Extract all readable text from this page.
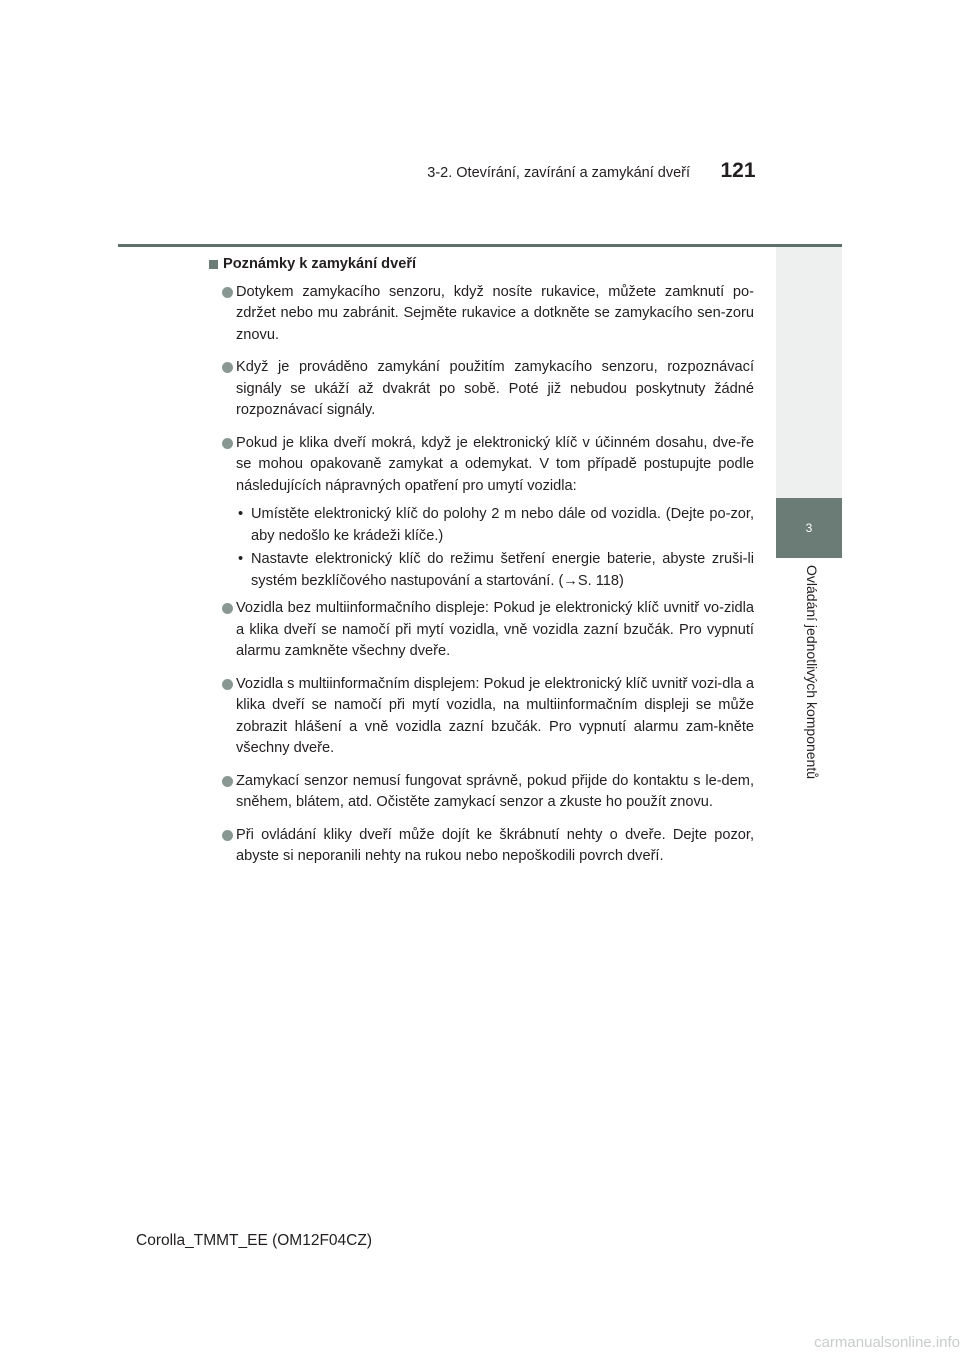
3-2. Otevírání, zavírání a zamykání dveří	121
3
Ovládání jednotlivých komponentů
Poznámky k zamykání dveří
Dotykem zamykacího senzoru, když nosíte rukavice, můžete zamknutí po-zdržet nebo mu zabránit. Sejměte rukavice a dotkněte se zamykacího sen-zoru znovu.
Když je prováděno zamykání použitím zamykacího senzoru, rozpoznávací signály se ukáží až dvakrát po sobě. Poté již nebudou poskytnuty žádné rozpoznávací signály.
Pokud je klika dveří mokrá, když je elektronický klíč v účinném dosahu, dve-ře se mohou opakovaně zamykat a odemykat. V tom případě postupujte podle následujících nápravných opatření pro umytí vozidla:
• Umístěte elektronický klíč do polohy 2 m nebo dále od vozidla. (Dejte po-zor, aby nedošlo ke krádeži klíče.)
• Nastavte elektronický klíč do režimu šetření energie baterie, abyste zruši-li systém bezklíčového nastupování a startování. (→S. 118)
Vozidla bez multiinformačního displeje: Pokud je elektronický klíč uvnitř vo-zidla a klika dveří se namočí při mytí vozidla, vně vozidla zazní bzučák. Pro vypnutí alarmu zamkněte všechny dveře.
Vozidla s multiinformačním displejem: Pokud je elektronický klíč uvnitř vozi-dla a klika dveří se namočí při mytí vozidla, na multiinformačním displeji se může zobrazit hlášení a vně vozidla zazní bzučák. Pro vypnutí alarmu zam-kněte všechny dveře.
Zamykací senzor nemusí fungovat správně, pokud přijde do kontaktu s le-dem, sněhem, blátem, atd. Očistěte zamykací senzor a zkuste ho použít znovu.
Při ovládání kliky dveří může dojít ke škrábnutí nehty o dveře. Dejte pozor, abyste si neporanili nehty na rukou nebo nepoškodili povrch dveří.
Corolla_TMMT_EE (OM12F04CZ)
carmanualsonline.info
